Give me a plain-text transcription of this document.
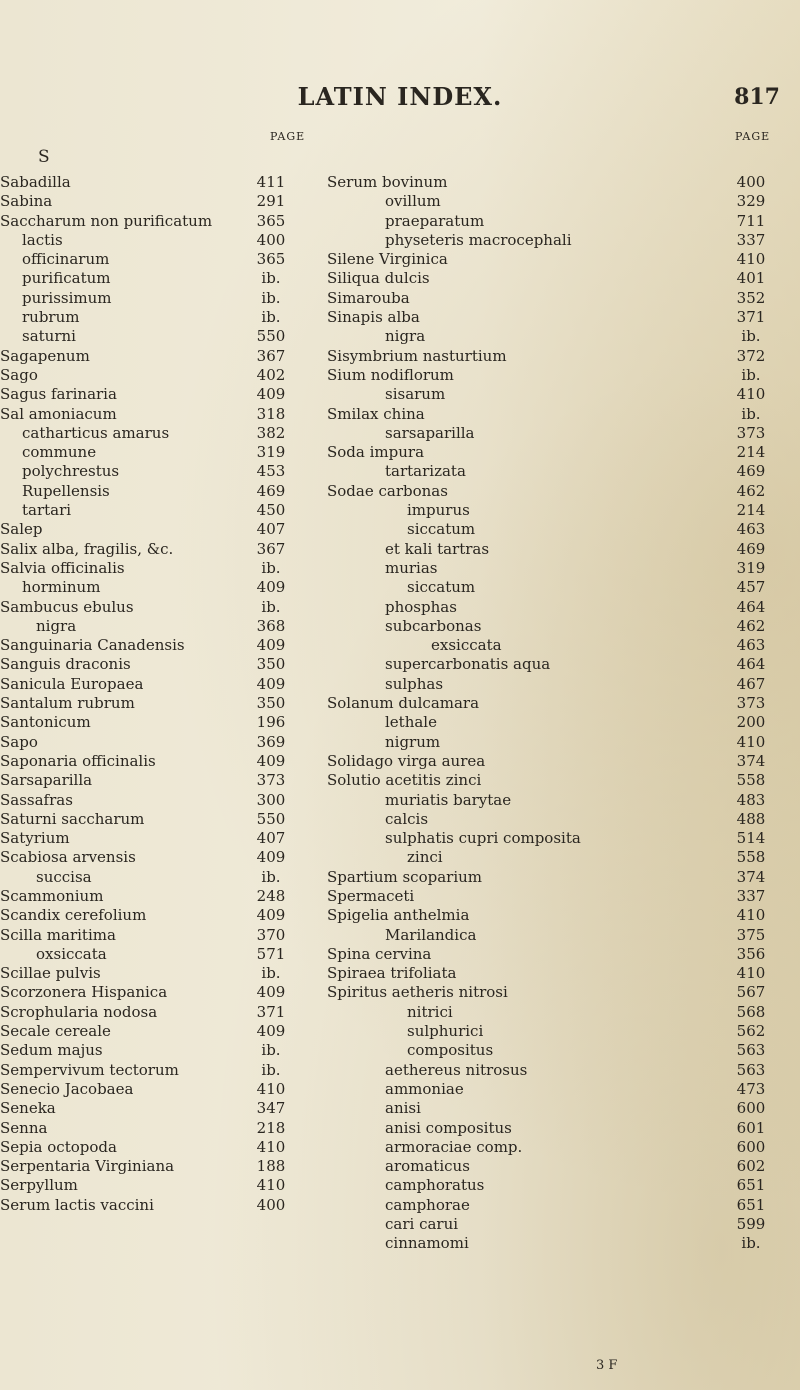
LATIN INDEX.	817
PAGE	PAGE
S
Sabadilla	411
Sabina	291
Saccharum non purificatum	365
lactis	400
officinarum	365
purificatum	ib.
purissimum	ib.
rubrum	ib.
saturni	550
Sagapenum	367
Sago	402
Sagus farinaria	409
Sal amoniacum	318
catharticus amarus	382
commune	319
polychrestus	453
Rupellensis	469
tartari	450
Salep	407
Salix alba, fragilis, &c.	367
Salvia officinalis	ib.
horminum	409
Sambucus ebulus	ib.
nigra	368
Sanguinaria Canadensis	409
Sanguis draconis	350
Sanicula Europaea	409
Santalum rubrum	350
Santonicum	196
Sapo	369
Saponaria officinalis	409
Sarsaparilla	373
Sassafras	300
Saturni saccharum	550
Satyrium	407
Scabiosa arvensis	409
succisa	ib.
Scammonium	248
Scandix cerefolium	409
Scilla maritima	370
oxsiccata	571
Scillae pulvis	ib.
Scorzonera Hispanica	409
Scrophularia nodosa	371
Secale cereale	409
Sedum majus	ib.
Sempervivum tectorum	ib.
Senecio Jacobaea	410
Seneka	347
Senna	218
Sepia octopoda	410
Serpentaria Virginiana	188
Serpyllum	410
Serum lactis vaccini	400
Serum bovinum	400
ovillum	329
praeparatum	711
physeteris macrocephali	337
Silene Virginica	410
Siliqua dulcis	401
Simarouba	352
Sinapis alba	371
nigra	ib.
Sisymbrium nasturtium	372
Sium nodiflorum	ib.
sisarum	410
Smilax china	ib.
sarsaparilla	373
Soda impura	214
tartarizata	469
Sodae carbonas	462
impurus	214
siccatum	463
et kali tartras	469
murias	319
siccatum	457
phosphas	464
subcarbonas	462
exsiccata	463
supercarbonatis aqua	464
sulphas	467
Solanum dulcamara	373
lethale	200
nigrum	410
Solidago virga aurea	374
Solutio acetitis zinci	558
muriatis barytae	483
calcis	488
sulphatis cupri composita	514
zinci	558
Spartium scoparium	374
Spermaceti	337
Spigelia anthelmia	410
Marilandica	375
Spina cervina	356
Spiraea trifoliata	410
Spiritus aetheris nitrosi	567
nitrici	568
sulphurici	562
compositus	563
aethereus nitrosus	563
ammoniae	473
anisi	600
anisi compositus	601
armoraciae comp.	600
aromaticus	602
camphoratus	651
camphorae	651
cari carui	599
cinnamomi	ib.
3 F
